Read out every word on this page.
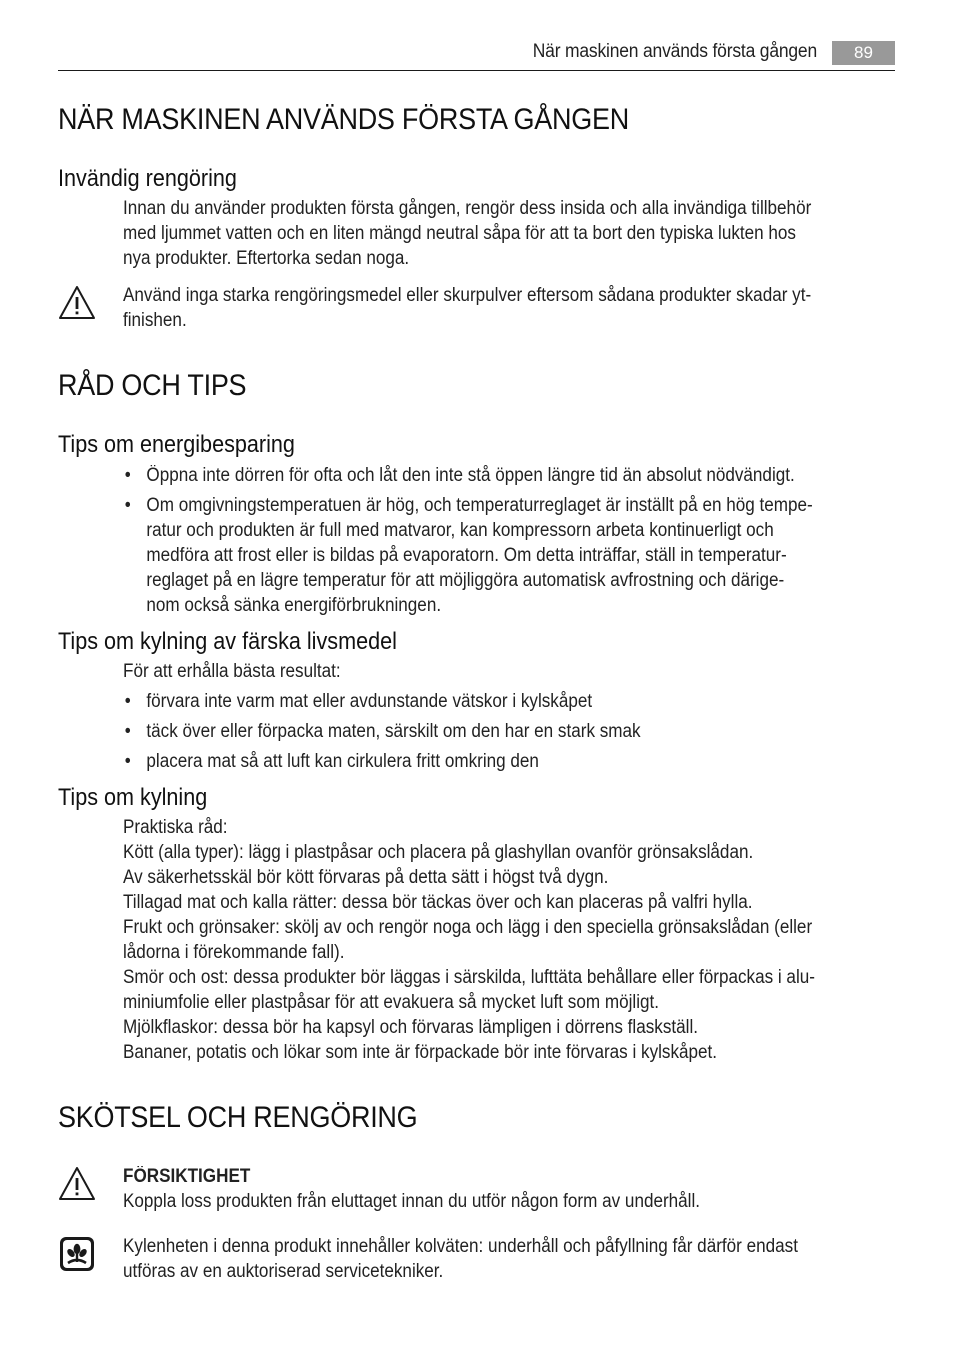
När maskinen används första gången	89
NÄR MASKINEN ANVÄNDS FÖRSTA GÅNGEN
Invändig rengöring

Innan du använder produkten första gången, rengör dess insida och alla invändiga tillbehör

med ljummet vatten och en liten mängd neutral såpa för att ta bort den typiska lukten hos

nya produkter. Eftertorka sedan noga.

Använd inga starka rengöringsmedel eller skurpulver eftersom sådana produkter skadar yt-

finishen.

RÅD OCH TIPS
Tips om energibesparing
• Öppna inte dörren för ofta och låt den inte stå öppen längre tid än absolut nödvändigt.
• Om omgivningstemperatuen är hög, och temperaturreglaget är inställt på en hög tempe-
ratur och produkten är full med matvaror, kan kompressorn arbeta kontinuerligt och
medföra att frost eller is bildas på evaporatorn. Om detta inträffar, ställ in temperatur-
reglaget på en lägre temperatur för att möjliggöra automatisk avfrostning och därige-
nom också sänka energiförbrukningen.
Tips om kylning av färska livsmedel

För att erhålla bästa resultat:

• förvara inte varm mat eller avdunstande vätskor i kylskåpet
• täck över eller förpacka maten, särskilt om den har en stark smak
• placera mat så att luft kan cirkulera fritt omkring den
Tips om kylning

Praktiska råd:

Kött (alla typer): lägg i plastpåsar och placera på glashyllan ovanför grönsakslådan.

Av säkerhetsskäl bör kött förvaras på detta sätt i högst två dygn.

Tillagad mat och kalla rätter: dessa bör täckas över och kan placeras på valfri hylla.

Frukt och grönsaker: skölj av och rengör noga och lägg i den speciella grönsakslådan (eller

lådorna i förekommande fall).

Smör och ost: dessa produkter bör läggas i särskilda, lufttäta behållare eller förpackas i alu-

miniumfolie eller plastpåsar för att evakuera så mycket luft som möjligt.

Mjölkflaskor: dessa bör ha kapsyl och förvaras lämpligen i dörrens flaskställ.

Bananer, potatis och lökar som inte är förpackade bör inte förvaras i kylskåpet.

SKÖTSEL OCH RENGÖRING

FÖRSIKTIGHET

Koppla loss produkten från eluttaget innan du utför någon form av underhåll.

Kylenheten i denna produkt innehåller kolväten: underhåll och påfyllning får därför endast

utföras av en auktoriserad servicetekniker.
